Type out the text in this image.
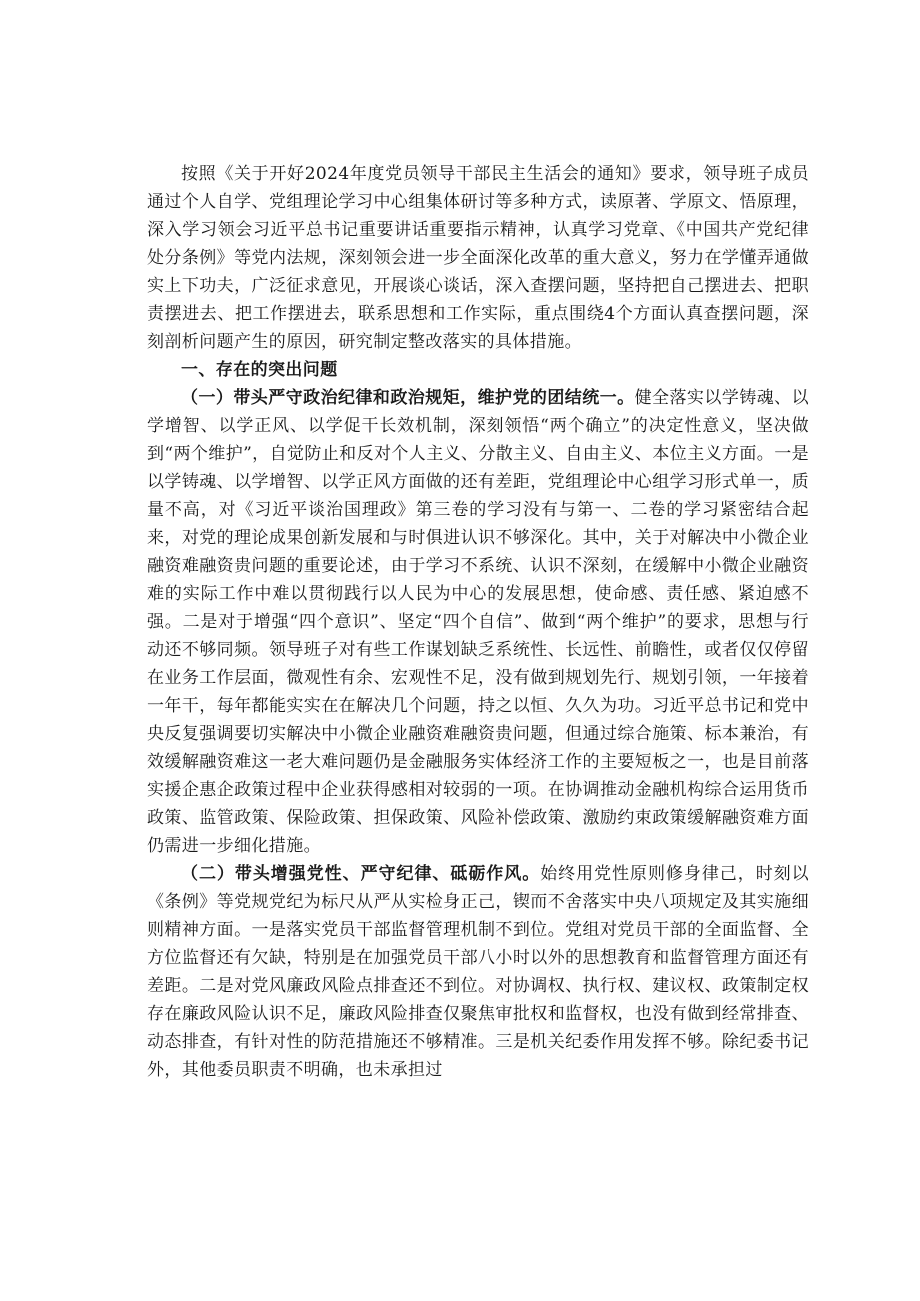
按照《关于开好2024年度党员领导干部民主生活会的通知》要求，领导班子成员通过个人自学、党组理论学习中心组集体研讨等多种方式，读原著、学原文、悟原理，深入学习领会习近平总书记重要讲话重要指示精神，认真学习党章、《中国共产党纪律处分条例》等党内法规，深刻领会进一步全面深化改革的重大意义，努力在学懂弄通做实上下功夫，广泛征求意见，开展谈心谈话，深入查摆问题，坚持把自己摆进去、把职责摆进去、把工作摆进去，联系思想和工作实际，重点围绕4个方面认真查摆问题，深刻剖析问题产生的原因，研究制定整改落实的具体措施。

一、存在的突出问题

（一）带头严守政治纪律和政治规矩，维护党的团结统一。健全落实以学铸魂、以学增智、以学正风、以学促干长效机制，深刻领悟“两个确立”的决定性意义，坚决做到“两个维护”，自觉防止和反对个人主义、分散主义、自由主义、本位主义方面。一是以学铸魂、以学增智、以学正风方面做的还有差距，党组理论中心组学习形式单一，质量不高，对《习近平谈治国理政》第三卷的学习没有与第一、二卷的学习紧密结合起来，对党的理论成果创新发展和与时俱进认识不够深化。其中，关于对解决中小微企业融资难融资贵问题的重要论述，由于学习不系统、认识不深刻，在缓解中小微企业融资难的实际工作中难以贯彻践行以人民为中心的发展思想，使命感、责任感、紧迫感不强。二是对于增强“四个意识”、坚定“四个自信”、做到“两个维护”的要求，思想与行动还不够同频。领导班子对有些工作谋划缺乏系统性、长远性、前瞻性，或者仅仅停留在业务工作层面，微观性有余、宏观性不足，没有做到规划先行、规划引领，一年接着一年干，每年都能实实在在解决几个问题，持之以恒、久久为功。习近平总书记和党中央反复强调要切实解决中小微企业融资难融资贵问题，但通过综合施策、标本兼治，有效缓解融资难这一老大难问题仍是金融服务实体经济工作的主要短板之一，也是目前落实援企惠企政策过程中企业获得感相对较弱的一项。在协调推动金融机构综合运用货币政策、监管政策、保险政策、担保政策、风险补偿政策、激励约束政策缓解融资难方面仍需进一步细化措施。

（二）带头增强党性、严守纪律、砥砺作风。始终用党性原则修身律己，时刻以《条例》等党规党纪为标尺从严从实检身正己，锲而不舍落实中央八项规定及其实施细则精神方面。一是落实党员干部监督管理机制不到位。党组对党员干部的全面监督、全方位监督还有欠缺，特别是在加强党员干部八小时以外的思想教育和监督管理方面还有差距。二是对党风廉政风险点排查还不到位。对协调权、执行权、建议权、政策制定权存在廉政风险认识不足，廉政风险排查仅聚焦审批权和监督权，也没有做到经常排查、动态排查，有针对性的防范措施还不够精准。三是机关纪委作用发挥不够。除纪委书记外，其他委员职责不明确，也未承担过
